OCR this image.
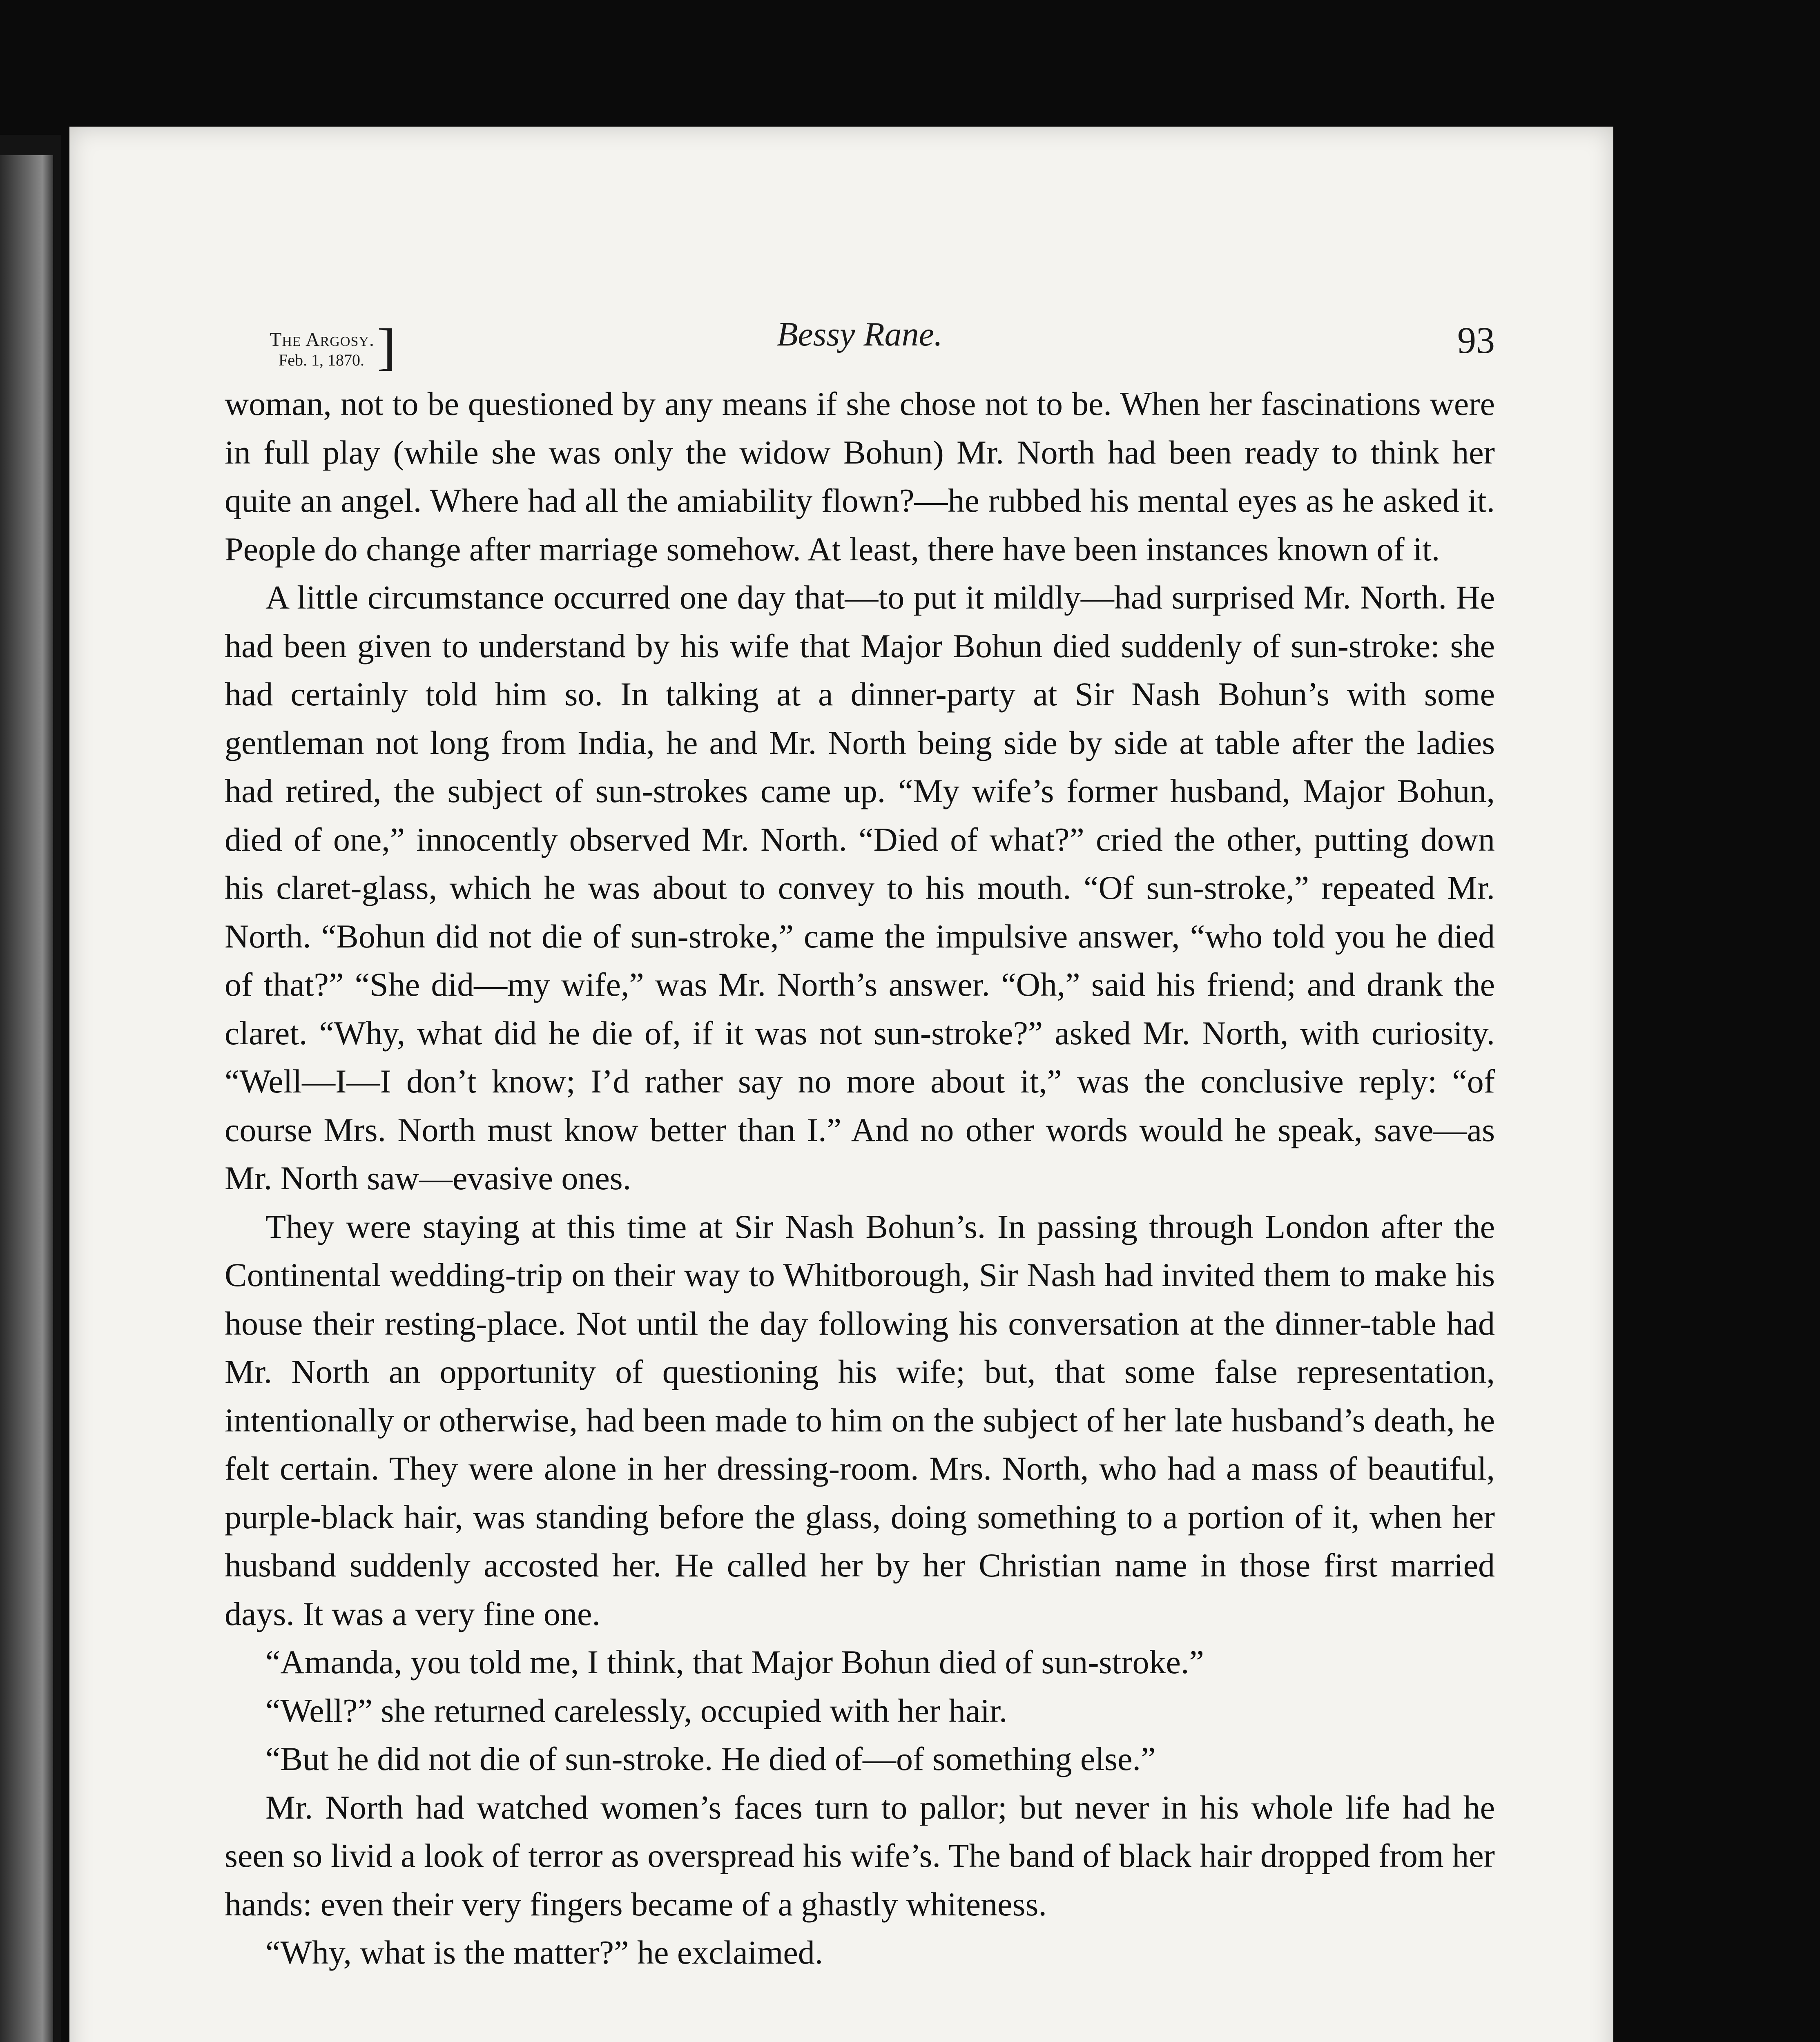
The Argosy.
Feb. 1, 1870. ]	Bessy Rane.	93

woman, not to be questioned by any means if she chose not to be. When her fascinations were in full play (while she was only the widow Bohun) Mr. North had been ready to think her quite an angel. Where had all the amiability flown?—he rubbed his mental eyes as he asked it. People do change after marriage somehow. At least, there have been instances known of it.

A little circumstance occurred one day that—to put it mildly—had surprised Mr. North. He had been given to understand by his wife that Major Bohun died suddenly of sun-stroke: she had certainly told him so. In talking at a dinner-party at Sir Nash Bohun’s with some gentleman not long from India, he and Mr. North being side by side at table after the ladies had retired, the subject of sun-strokes came up. “My wife’s former husband, Major Bohun, died of one,” innocently observed Mr. North. “Died of what?” cried the other, putting down his claret-glass, which he was about to convey to his mouth. “Of sun-stroke,” repeated Mr. North. “Bohun did not die of sun-stroke,” came the impulsive answer, “who told you he died of that?” “She did—my wife,” was Mr. North’s answer. “Oh,” said his friend; and drank the claret. “Why, what did he die of, if it was not sun-stroke?” asked Mr. North, with curiosity. “Well—I—I don’t know; I’d rather say no more about it,” was the conclusive reply: “of course Mrs. North must know better than I.” And no other words would he speak, save—as Mr. North saw—evasive ones.

They were staying at this time at Sir Nash Bohun’s. In passing through London after the Continental wedding-trip on their way to Whitborough, Sir Nash had invited them to make his house their resting-place. Not until the day following his conversation at the dinner-table had Mr. North an opportunity of questioning his wife; but, that some false representation, intentionally or otherwise, had been made to him on the subject of her late husband’s death, he felt certain. They were alone in her dressing-room. Mrs. North, who had a mass of beautiful, purple-black hair, was standing before the glass, doing something to a portion of it, when her husband suddenly accosted her. He called her by her Christian name in those first married days. It was a very fine one.

“Amanda, you told me, I think, that Major Bohun died of sun-stroke.”

“Well?” she returned carelessly, occupied with her hair.

“But he did not die of sun-stroke. He died of—of something else.”

Mr. North had watched women’s faces turn to pallor; but never in his whole life had he seen so livid a look of terror as overspread his wife’s. The band of black hair dropped from her hands: even their very fingers became of a ghastly whiteness.

“Why, what is the matter?” he exclaimed.
